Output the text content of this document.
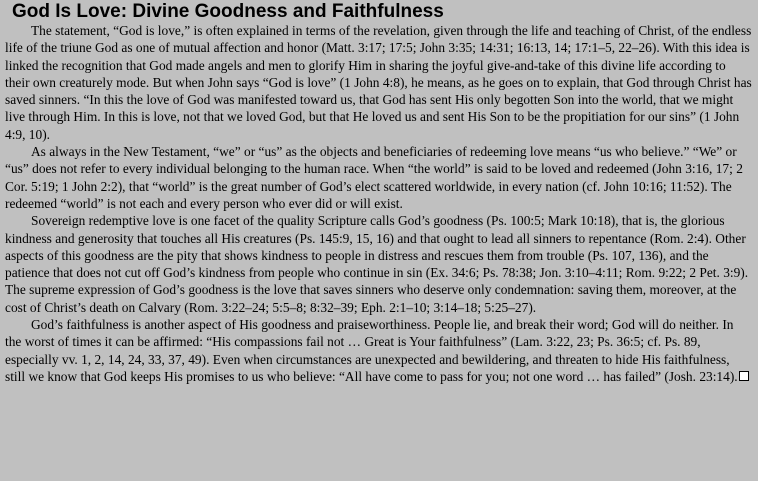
God Is Love: Divine Goodness and Faithfulness

The statement, “God is love,” is often explained in terms of the revelation, given through the life and teaching of Christ, of the endless life of the triune God as one of mutual affection and honor (Matt. 3:17; 17:5; John 3:35; 14:31; 16:13, 14; 17:1–5, 22–26). With this idea is linked the recognition that God made angels and men to glorify Him in sharing the joyful give-and-take of this divine life according to their own creaturely mode. But when John says “God is love” (1 John 4:8), he means, as he goes on to explain, that God through Christ has saved sinners. “In this the love of God was manifested toward us, that God has sent His only begotten Son into the world, that we might live through Him. In this is love, not that we loved God, but that He loved us and sent His Son to be the propitiation for our sins” (1 John 4:9, 10).

As always in the New Testament, “we” or “us” as the objects and beneficiaries of redeeming love means “us who believe.” “We” or “us” does not refer to every individual belonging to the human race. When “the world” is said to be loved and redeemed (John 3:16, 17; 2 Cor. 5:19; 1 John 2:2), that “world” is the great number of God’s elect scattered worldwide, in every nation (cf. John 10:16; 11:52). The redeemed “world” is not each and every person who ever did or will exist.

Sovereign redemptive love is one facet of the quality Scripture calls God’s goodness (Ps. 100:5; Mark 10:18), that is, the glorious kindness and generosity that touches all His creatures (Ps. 145:9, 15, 16) and that ought to lead all sinners to repentance (Rom. 2:4). Other aspects of this goodness are the pity that shows kindness to people in distress and rescues them from trouble (Ps. 107, 136), and the patience that does not cut off God’s kindness from people who continue in sin (Ex. 34:6; Ps. 78:38; Jon. 3:10–4:11; Rom. 9:22; 2 Pet. 3:9). The supreme expression of God’s goodness is the love that saves sinners who deserve only condemnation: saving them, moreover, at the cost of Christ’s death on Calvary (Rom. 3:22–24; 5:5–8; 8:32–39; Eph. 2:1–10; 3:14–18; 5:25–27).

God’s faithfulness is another aspect of His goodness and praiseworthiness. People lie, and break their word; God will do neither. In the worst of times it can be affirmed: “His compassions fail not … Great is Your faithfulness” (Lam. 3:22, 23; Ps. 36:5; cf. Ps. 89, especially vv. 1, 2, 14, 24, 33, 37, 49). Even when circumstances are unexpected and bewildering, and threaten to hide His faithfulness, still we know that God keeps His promises to us who believe: “All have come to pass for you; not one word … has failed” (Josh. 23:14).
